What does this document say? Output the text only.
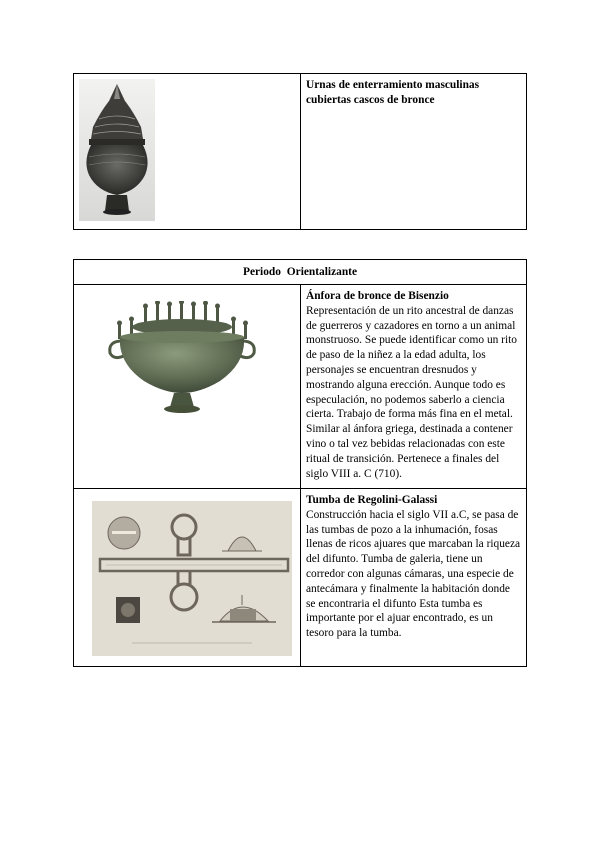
Urnas de enterramiento masculinas cubiertas cascos de bronce
Periodo Orientalizante	

Ánfora de bronce de Bisenzio
Representación de un rito ancestral de danzas de guerreros y cazadores en torno a un animal monstruoso. Se puede identificar como un rito de paso de la niñez a la edad adulta, los personajes se encuentran dresnudos y mostrando alguna erección. Aunque todo es especulación, no podemos saberlo a ciencia cierta. Trabajo de forma más fina en el metal. Similar al ánfora griega, destinada a contener vino o tal vez bebidas relacionadas con este ritual de transición. Pertenece a finales del siglo VIII a. C (710).

Tumba de Regolini-Galassi
Construcción hacia el siglo VII a.C, se pasa de las tumbas de pozo a la inhumación, fosas llenas de ricos ajuares que marcaban la riqueza del difunto. Tumba de galeria, tiene un corredor con algunas cámaras, una especie de antecámara y finalmente la habitación donde se encontraria el difunto Esta tumba es importante por el ajuar encontrado, es un tesoro para la tumba.
